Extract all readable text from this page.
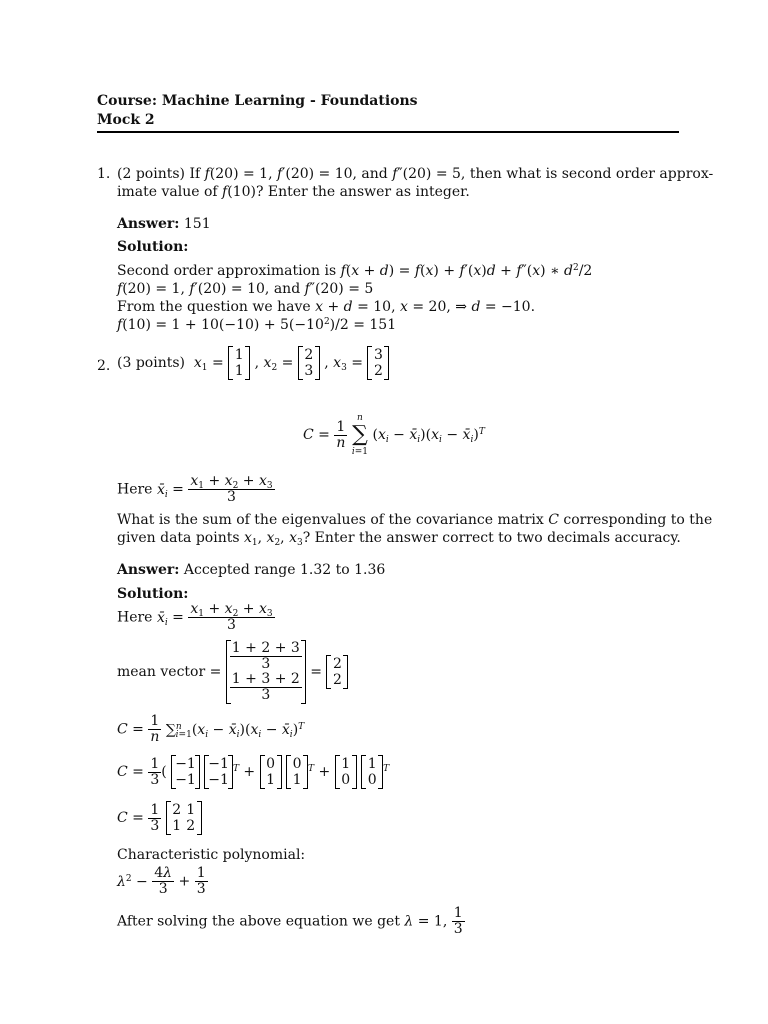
Course: Machine Learning - Foundations
Mock 2
1. (2 points) If f(20) = 1, f′(20) = 10, and f″(20) = 5, then what is second order approx-
imate value of f(10)? Enter the answer as integer.
Answer: 151
Solution:
Second order approximation is f(x + d) = f(x) + f′(x)d + f″(x) ∗ $d^2/2$
f(20) = 1, f′(20) = 10, and f″(20) = 5
From the question we have x + d = 10, x = 20, ⇒ d = −10.
$f(10) = 1 + 10(-10) + 5(-10^2)/2 = 151$
2. (3 points) $x_1 = 1$
1 , $x_2 = 2$
3 , $x_3 = 3$
2
$C = \frac{1}{n}$
n
∑
i=1 ($x_i$ − $x̄_i)(x_i$ − $x̄_i)^T$
Here $x̄_i = \frac{x_1 + x_2 + x_3}{3}$
What is the sum of the eigenvalues of the covariance matrix C corresponding to the
given data points $x_1$, $x_2$, $x_3$? Enter the answer correct to two decimals accuracy.
Answer: Accepted range 1.32 to 1.36
Solution:
Here $x̄_i = \frac{x_1 + x_2 + x_3}{3}$
mean vector = $\frac{1 + 2 + 3}{3}$
$\frac{1 + 3 + 2}{3} = 2$
2
$C = \frac{1}{n} \sum^n_{i=1}(x_i$ − $x̄_i)(x_i$ − $x̄_i)^T$
$C = \frac{1}{3}$ ( −1
−1

−1
−1
$^T$ + 0
1

0
1
$^T$ + 1
0

1
0
$^T$
$C = \frac{1}{3}$
2 1
1 2
Characteristic polynomial:
$\lambda^2 - \frac{4\lambda}{3} + \frac{1}{3}$
After solving the above equation we get λ = 1, $\frac{1}{3}$
